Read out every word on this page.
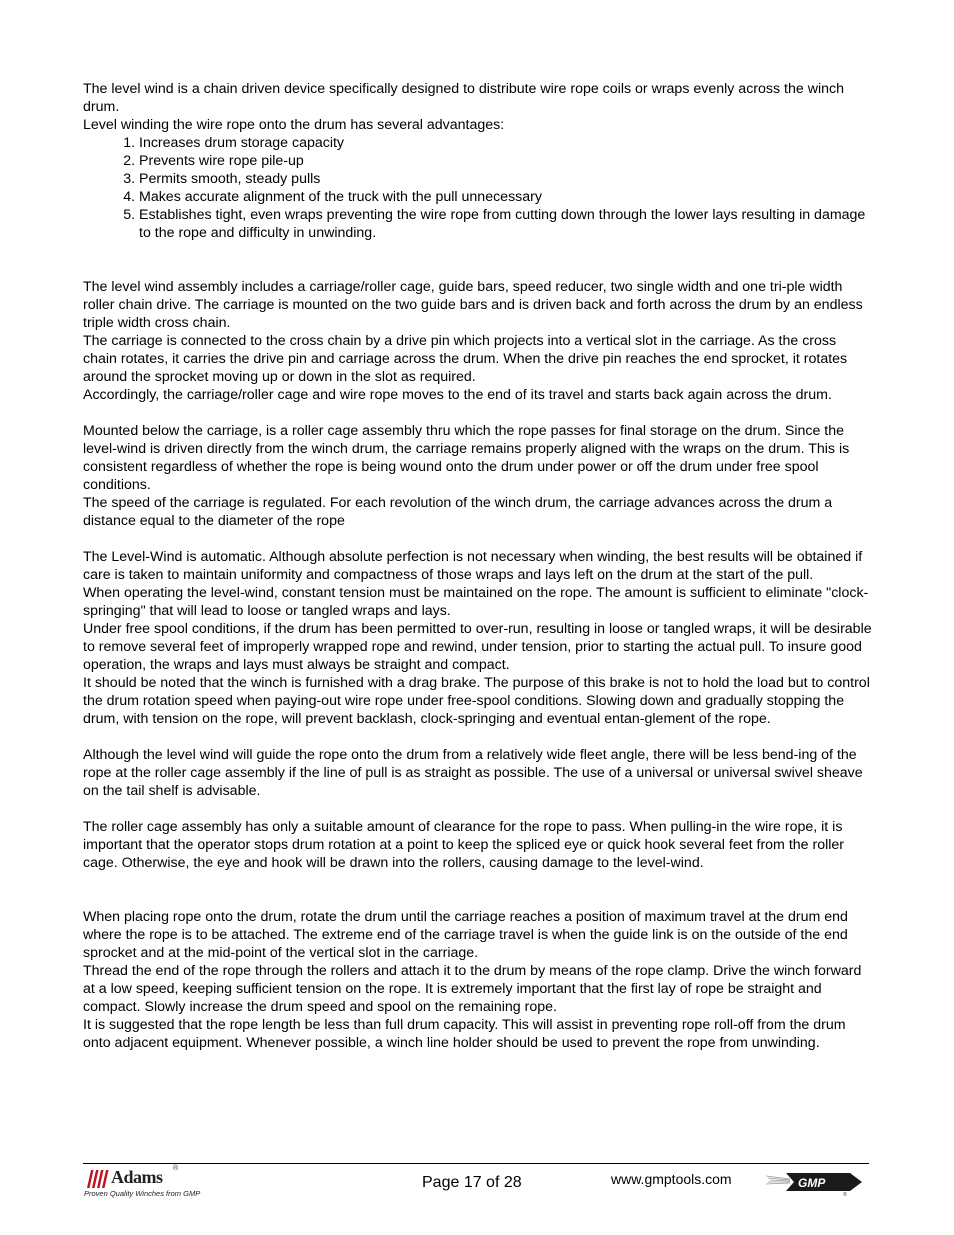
The level wind is a chain driven device specifically designed to distribute wire rope coils or wraps evenly across the winch drum.

Level winding the wire rope onto the drum has several advantages:

1. Increases drum storage capacity
2. Prevents wire rope pile-up
3. Permits smooth, steady pulls
4. Makes accurate alignment of the truck with the pull unnecessary
5. Establishes tight, even wraps preventing the wire rope from cutting down through the lower lays resulting in damage to the rope and difficulty in unwinding.

The level wind assembly includes a carriage/roller cage, guide bars, speed reducer, two single width and one tri-ple width roller chain drive. The carriage is mounted on the two guide bars and is driven back and forth across the drum by an endless triple width cross chain.

The carriage is connected to the cross chain by a drive pin which projects into a vertical slot in the carriage. As the cross chain rotates, it carries the drive pin and carriage across the drum. When the drive pin reaches the end sprocket, it rotates around the sprocket moving up or down in the slot as required.

Accordingly, the carriage/roller cage and wire rope moves to the end of its travel and starts back again across the drum.

Mounted below the carriage, is a roller cage assembly thru which the rope passes for final storage on the drum. Since the level-wind is driven directly from the winch drum, the carriage remains properly aligned with the wraps on the drum. This is consistent regardless of whether the rope is being wound onto the drum under power or off the drum under free spool conditions.

The speed of the carriage is regulated. For each revolution of the winch drum, the carriage advances across the drum a distance equal to the diameter of the rope

The Level-Wind is automatic. Although absolute perfection is not necessary when winding, the best results will be obtained if care is taken to maintain uniformity and compactness of those wraps and lays left on the drum at the start of the pull.

When operating the level-wind, constant tension must be maintained on the rope. The amount is sufficient to eliminate "clock-springing" that will lead to loose or tangled wraps and lays.

Under free spool conditions, if the drum has been permitted to over-run, resulting in loose or tangled wraps, it will be desirable to remove several feet of improperly wrapped rope and rewind, under tension, prior to starting the actual pull. To insure good operation, the wraps and lays must always be straight and compact.

It should be noted that the winch is furnished with a drag brake. The purpose of this brake is not to hold the load but to control the drum rotation speed when paying-out wire rope under free-spool conditions. Slowing down and gradually stopping the drum, with tension on the rope, will prevent backlash, clock-springing and eventual entan-glement of the rope.

Although the level wind will guide the rope onto the drum from a relatively wide fleet angle, there will be less bend-ing of the rope at the roller cage assembly if the line of pull is as straight as possible. The use of a universal or universal swivel sheave on the tail shelf is advisable.

The roller cage assembly has only a suitable amount of clearance for the rope to pass. When pulling-in the wire rope, it is important that the operator stops drum rotation at a point to keep the spliced eye or quick hook several feet from the roller cage. Otherwise, the eye and hook will be drawn into the rollers, causing damage to the level-wind.

When placing rope onto the drum, rotate the drum until the carriage reaches a position of maximum travel at the drum end where the rope is to be attached. The extreme end of the carriage travel is when the guide link is on the outside of the end sprocket and at the mid-point of the vertical slot in the carriage.

Thread the end of the rope through the rollers and attach it to the drum by means of the rope clamp. Drive the winch forward at a low speed, keeping sufficient tension on the rope. It is extremely important that the first lay of rope be straight and compact. Slowly increase the drum speed and spool on the remaining rope.

It is suggested that the rope length be less than full drum capacity. This will assist in preventing rope roll-off from the drum onto adjacent equipment. Whenever possible, a winch line holder should be used to prevent the rope from unwinding.

Adams ®
Proven Quality Winches from GMP
Page 17 of 28	www.gmptools.com	GMP
®
